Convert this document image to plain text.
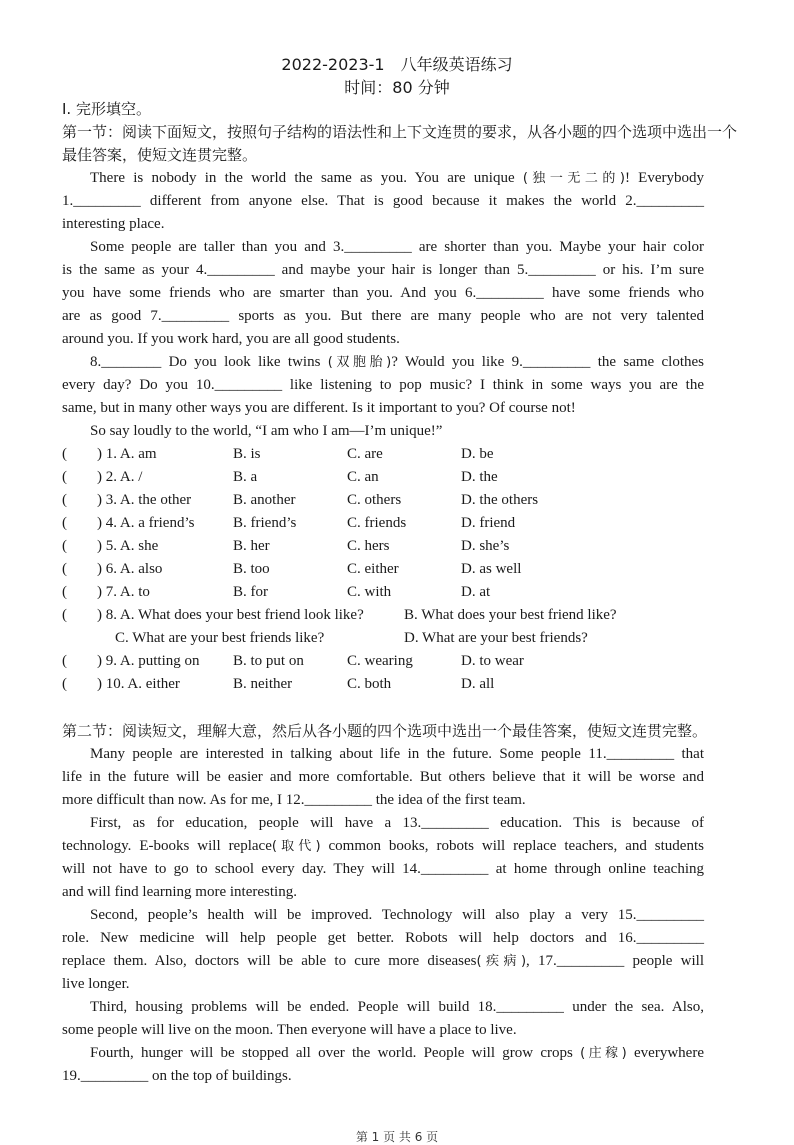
2022-2023-1　八年级英语练习
时间：80 分钟
I. 完形填空。
第一节：阅读下面短文，按照句子结构的语法性和上下文连贯的要求，从各小题的四个选项中选出一个
最佳答案，使短文连贯完整。
There is nobody in the world the same as you. You are unique (独一无二的)! Everybody
1._________ different from anyone else. That is good because it makes the world 2._________
interesting place.
Some people are taller than you and 3._________ are shorter than you. Maybe your hair color
is the same as your 4._________ and maybe your hair is longer than 5._________ or his. I’m sure
you have some friends who are smarter than you. And you 6._________ have some friends who
are as good 7._________ sports as you. But there are many people who are not very talented
around you. If you work hard, you are all good students.
8.________ Do you look like twins (双胞胎)? Would you like 9._________ the same clothes
every day? Do you 10._________ like listening to pop music? I think in some ways you are the
same, but in many other ways you are different. Is it important to you? Of course not!
So say loudly to the world, “I am who I am—I’m unique!”
(　　) 1. A. am	B. is	C. are	D. be
(　　) 2. A. /	B. a	C. an	D. the
(　　) 3. A. the other	B. another	C. others	D. the others
(　　) 4. A. a friend’s	B. friend’s	C. friends	D. friend
(　　) 5. A. she	B. her	C. hers	D. she’s
(　　) 6. A. also	B. too	C. either	D. as well
(　　) 7. A. to	B. for	C. with	D. at
(　　) 8. A. What does your best friend look like?	B. What does your best friend like?
C. What are your best friends like?	D. What are your best friends?
(　　) 9. A. putting on B. to put on	C. wearing	D. to wear
(　　) 10. A. either	B. neither	C. both	D. all
第二节：阅读短文，理解大意，然后从各小题的四个选项中选出一个最佳答案，使短文连贯完整。
Many people are interested in talking about life in the future. Some people 11._________ that
life in the future will be easier and more comfortable. But others believe that it will be worse and
more difficult than now. As for me, I 12._________ the idea of the first team.
First, as for education, people will have a 13._________ education. This is because of
technology. E-books will replace(取代) common books, robots will replace teachers, and students
will not have to go to school every day. They will 14._________ at home through online teaching
and will find learning more interesting.
Second, people’s health will be improved. Technology will also play a very 15._________
role. New medicine will help people get better. Robots will help doctors and 16._________
replace them. Also, doctors will be able to cure more diseases(疾病), 17._________ people will
live longer.
Third, housing problems will be ended. People will build 18._________ under the sea. Also,
some people will live on the moon. Then everyone will have a place to live.
Fourth, hunger will be stopped all over the world. People will grow crops (庄稼) everywhere
19._________ on the top of buildings.
第 1 页 共 6 页
